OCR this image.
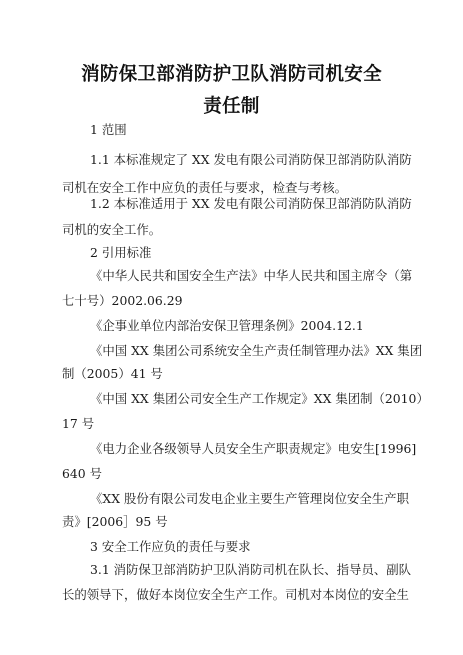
消防保卫部消防护卫队消防司机安全
责任制

1 范围

1.1 本标准规定了 XX 发电有限公司消防保卫部消防队消防

司机在安全工作中应负的责任与要求，检查与考核。

1.2 本标准适用于 XX 发电有限公司消防保卫部消防队消防

司机的安全工作。

2 引用标准

《中华人民共和国安全生产法》中华人民共和国主席令（第

七十号）2002.06.29

《企事业单位内部治安保卫管理条例》2004.12.1

《中国 XX 集团公司系统安全生产责任制管理办法》XX 集团

制（2005）41 号

《中国 XX 集团公司安全生产工作规定》XX 集团制（2010）

17 号

《电力企业各级领导人员安全生产职责规定》电安生[1996]

640 号

《XX 股份有限公司发电企业主要生产管理岗位安全生产职

责》[2006］95 号

3 安全工作应负的责任与要求

3.1 消防保卫部消防护卫队消防司机在队长、指导员、副队

长的领导下，做好本岗位安全生产工作。司机对本岗位的安全生
